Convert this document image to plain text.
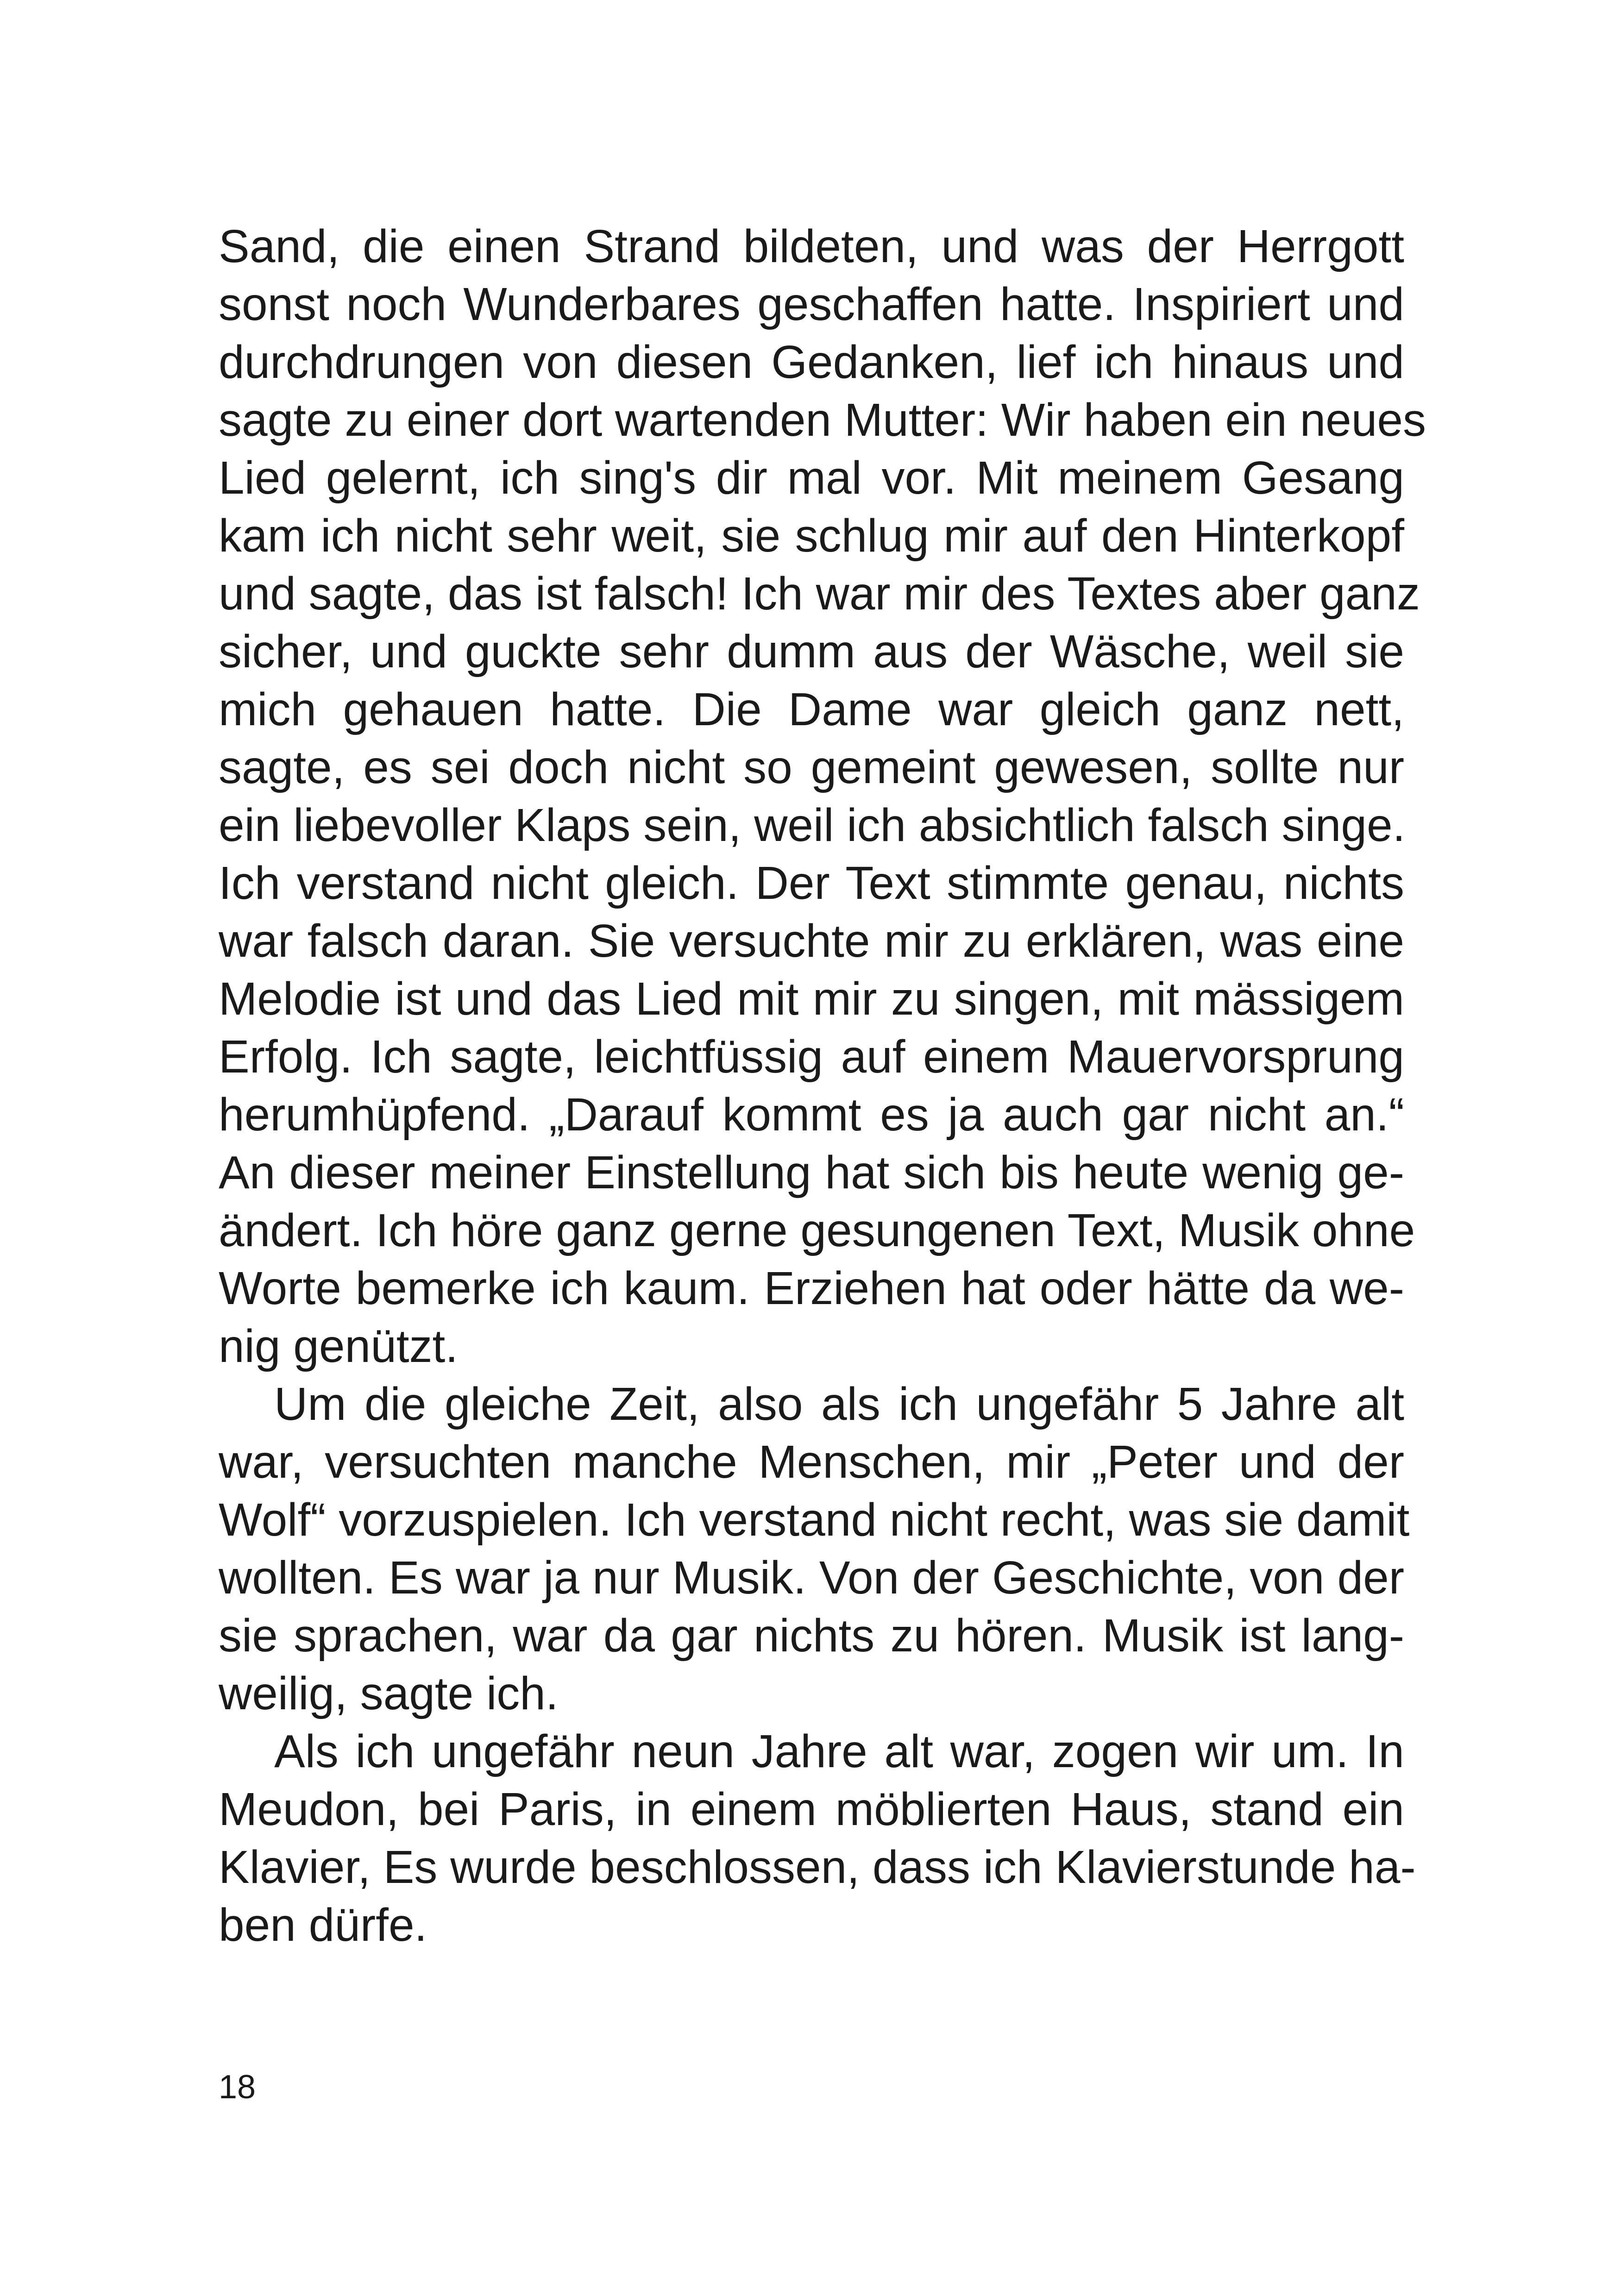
Sand, die einen Strand bildeten, und was der Herrgott
sonst noch Wunderbares geschaffen hatte. Inspiriert und
durchdrungen von diesen Gedanken, lief ich hinaus und
sagte zu einer dort wartenden Mutter: Wir haben ein neues
Lied gelernt, ich sing's dir mal vor. Mit meinem Gesang
kam ich nicht sehr weit, sie schlug mir auf den Hinterkopf
und sagte, das ist falsch! Ich war mir des Textes aber ganz
sicher, und guckte sehr dumm aus der Wäsche, weil sie
mich gehauen hatte. Die Dame war gleich ganz nett,
sagte, es sei doch nicht so gemeint gewesen, sollte nur
ein liebevoller Klaps sein, weil ich absichtlich falsch singe.
Ich verstand nicht gleich. Der Text stimmte genau, nichts
war falsch daran. Sie versuchte mir zu erklären, was eine
Melodie ist und das Lied mit mir zu singen, mit mässigem
Erfolg. Ich sagte, leichtfüssig auf einem Mauervorsprung
herumhüpfend. „Darauf kommt es ja auch gar nicht an.“
An dieser meiner Einstellung hat sich bis heute wenig ge-
ändert. Ich höre ganz gerne gesungenen Text, Musik ohne
Worte bemerke ich kaum. Erziehen hat oder hätte da we-
nig genützt.
Um die gleiche Zeit, also als ich ungefähr 5 Jahre alt
war, versuchten manche Menschen, mir „Peter und der
Wolf“ vorzuspielen. Ich verstand nicht recht, was sie damit
wollten. Es war ja nur Musik. Von der Geschichte, von der
sie sprachen, war da gar nichts zu hören. Musik ist lang-
weilig, sagte ich.
Als ich ungefähr neun Jahre alt war, zogen wir um. In
Meudon, bei Paris, in einem möblierten Haus, stand ein
Klavier, Es wurde beschlossen, dass ich Klavierstunde ha-
ben dürfe.
18
